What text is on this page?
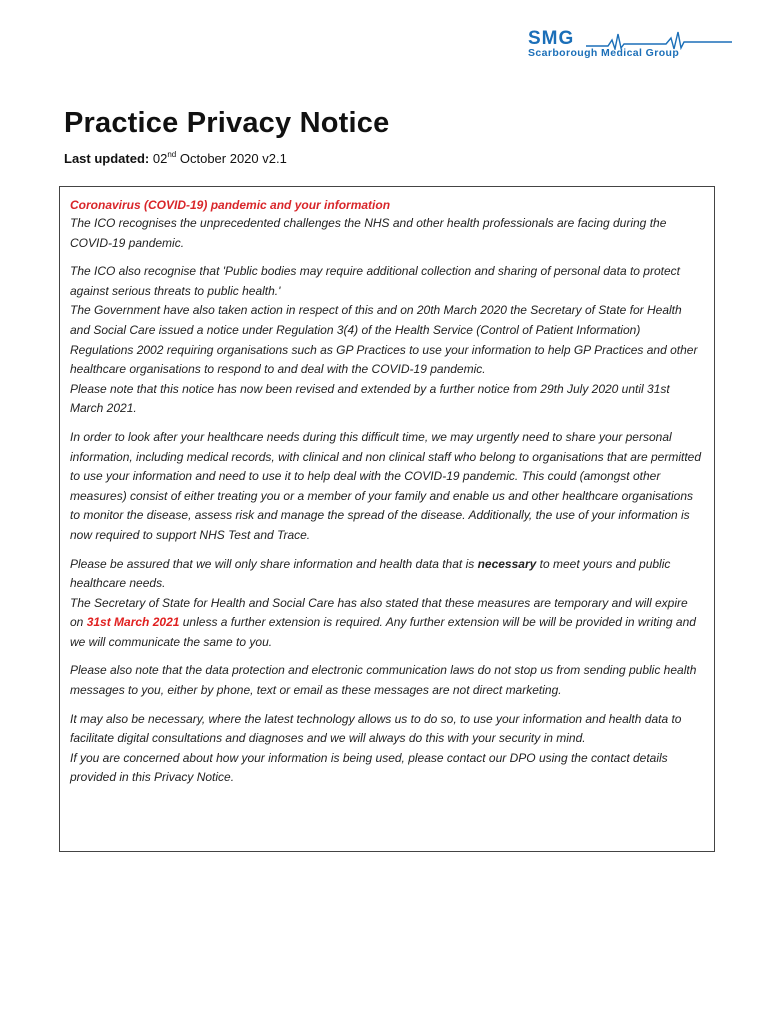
SMG
Scarborough Medical Group
Practice Privacy Notice
Last updated: 02nd October 2020 v2.1

Coronavirus (COVID-19) pandemic and your information

The ICO recognises the unprecedented challenges the NHS and other health professionals are facing during the COVID-19 pandemic.

The ICO also recognise that 'Public bodies may require additional collection and sharing of personal data to protect against serious threats to public health.'

The Government have also taken action in respect of this and on 20th March 2020 the Secretary of State for Health and Social Care issued a notice under Regulation 3(4) of the Health Service (Control of Patient Information) Regulations 2002 requiring organisations such as GP Practices to use your information to help GP Practices and other healthcare organisations to respond to and deal with the COVID-19 pandemic.

Please note that this notice has now been revised and extended by a further notice from 29th July 2020 until 31st March 2021.

In order to look after your healthcare needs during this difficult time, we may urgently need to share your personal information, including medical records, with clinical and non clinical staff who belong to organisations that are permitted to use your information and need to use it to help deal with the COVID-19 pandemic. This could (amongst other measures) consist of either treating you or a member of your family and enable us and other healthcare organisations to monitor the disease, assess risk and manage the spread of the disease. Additionally, the use of your information is now required to support NHS Test and Trace.

Please be assured that we will only share information and health data that is necessary to meet yours and public healthcare needs.

The Secretary of State for Health and Social Care has also stated that these measures are temporary and will expire on 31st March 2021 unless a further extension is required. Any further extension will be will be provided in writing and we will communicate the same to you.

Please also note that the data protection and electronic communication laws do not stop us from sending public health messages to you, either by phone, text or email as these messages are not direct marketing.

It may also be necessary, where the latest technology allows us to do so, to use your information and health data to facilitate digital consultations and diagnoses and we will always do this with your security in mind.

If you are concerned about how your information is being used, please contact our DPO using the contact details provided in this Privacy Notice.
